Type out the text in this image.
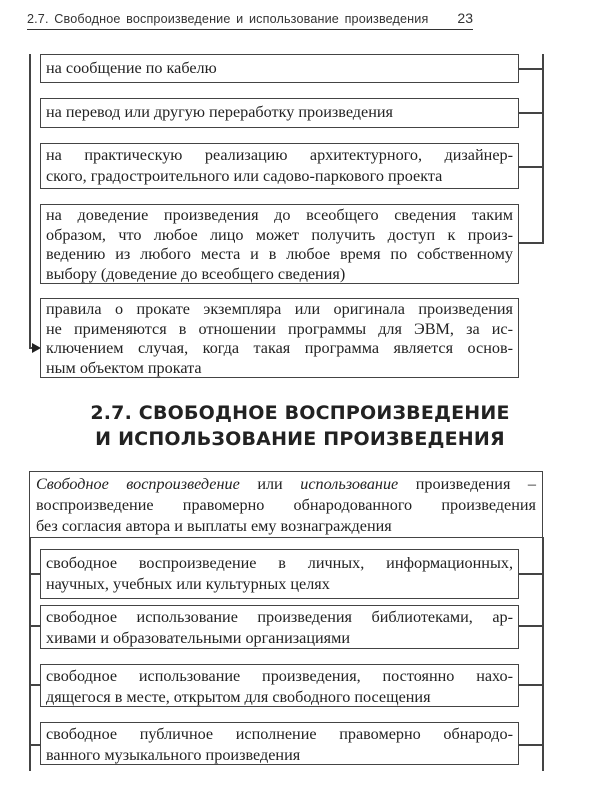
2.7. Свободное воспроизведение и использование произведения 23
на сообщение по кабелю
на перевод или другую переработку произведения
на практическую реализацию архитектурного, дизайнер-
ского, градостроительного или садово-паркового проекта
на доведение произведения до всеобщего сведения таким
образом, что любое лицо может получить доступ к произ-
ведению из любого места и в любое время по собственному
выбору (доведение до всеобщего сведения)
правила о прокате экземпляра или оригинала произведения
не применяются в отношении программы для ЭВМ, за ис-
ключением случая, когда такая программа является основ-
ным объектом проката
2.7. СВОБОДНОЕ ВОСПРОИЗВЕДЕНИЕ
И ИСПОЛЬЗОВАНИЕ ПРОИЗВЕДЕНИЯ
Свободное воспроизведение или использование произведения –
воспроизведение правомерно обнародованного произведения
без согласия автора и выплаты ему вознаграждения
свободное воспроизведение в личных, информационных,
научных, учебных или культурных целях
свободное использование произведения библиотеками, ар-
хивами и образовательными организациями
свободное использование произведения, постоянно нахо-
дящегося в месте, открытом для свободного посещения
свободное публичное исполнение правомерно обнародо-
ванного музыкального произведения
